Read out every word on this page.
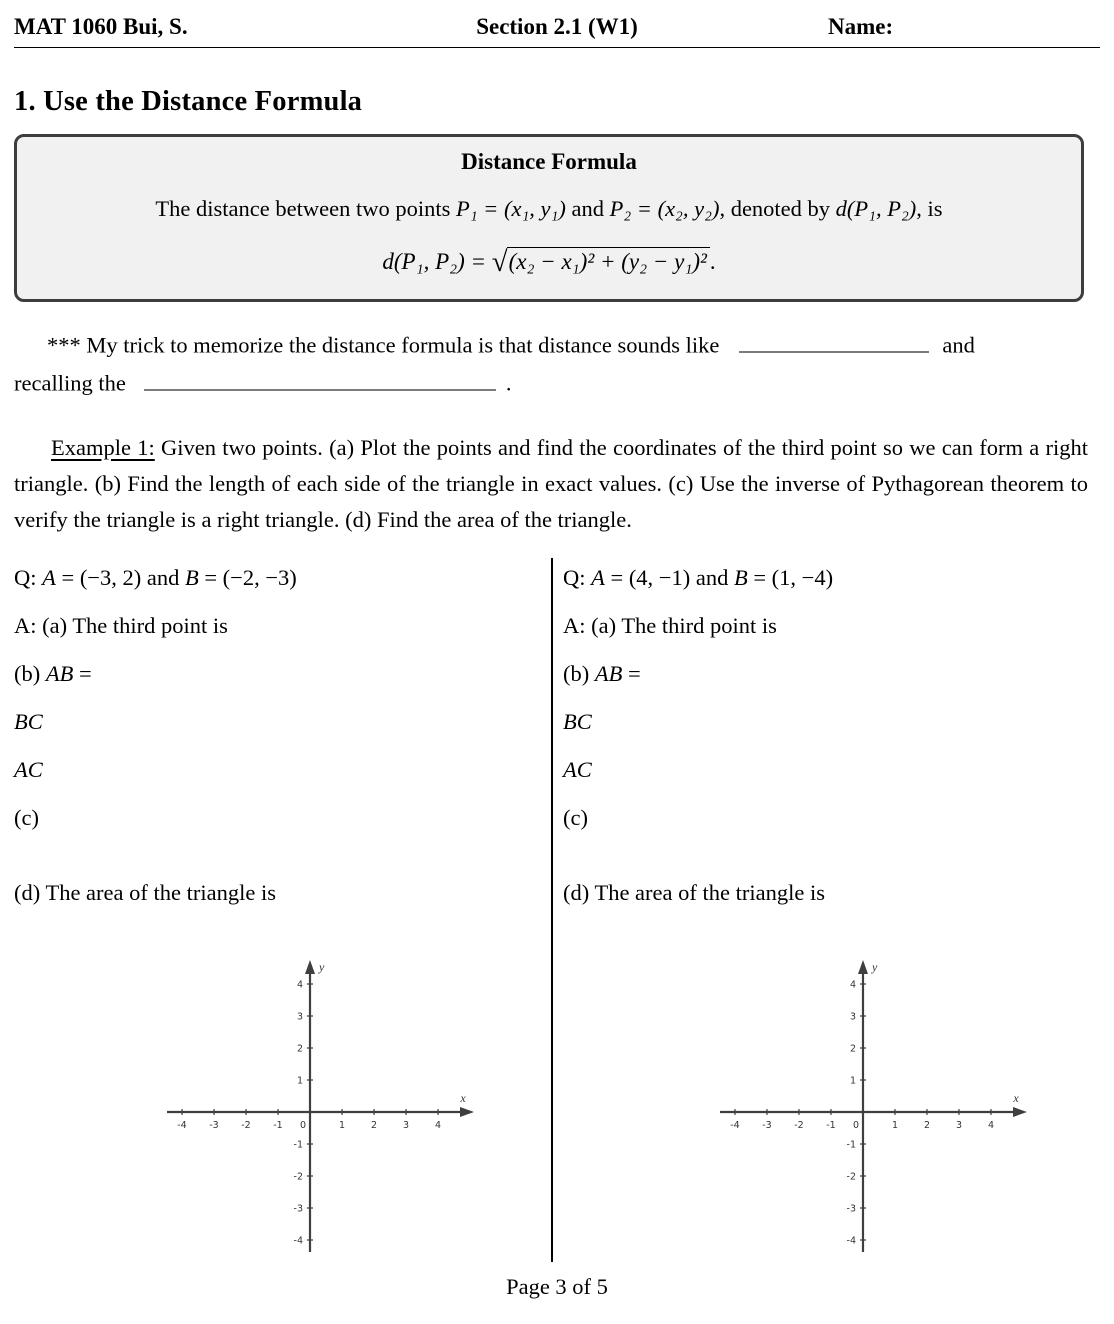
MAT 1060 Bui, S.	Section 2.1 (W1)	Name:
1. Use the Distance Formula
Distance Formula
The distance between two points P₁ = (x₁, y₁) and P₂ = (x₂, y₂), denoted by d(P₁, P₂), is
d(P₁, P₂) = √(x₂ − x₁)² + (y₂ − y₁)² .
*** My trick to memorize the distance formula is that distance sounds like	and
recalling the	.
Example 1: Given two points. (a) Plot the points and find the coordinates of the third point so we can form a right triangle. (b) Find the length of each side of the triangle in exact values. (c) Use the inverse of Pythagorean theorem to verify the triangle is a right triangle. (d) Find the area of the triangle.

Q: A = (−3, 2) and B = (−2, −3)

A: (a) The third point is

(b) AB =

BC

AC

(c)

(d) The area of the triangle is

Q: A = (4, −1) and B = (1, −4)

A: (a) The third point is

(b) AB =

BC

AC

(c)

(d) The area of the triangle is

-4 -3 -2 -1 0	1	2	3	4
-4
-3
-2
-1
1
2
3
4
x
y
-4 -3 -2 -1 0	1	2	3	4
-4
-3
-2
-1
1
2
3
4
x
y
Page 3 of 5
